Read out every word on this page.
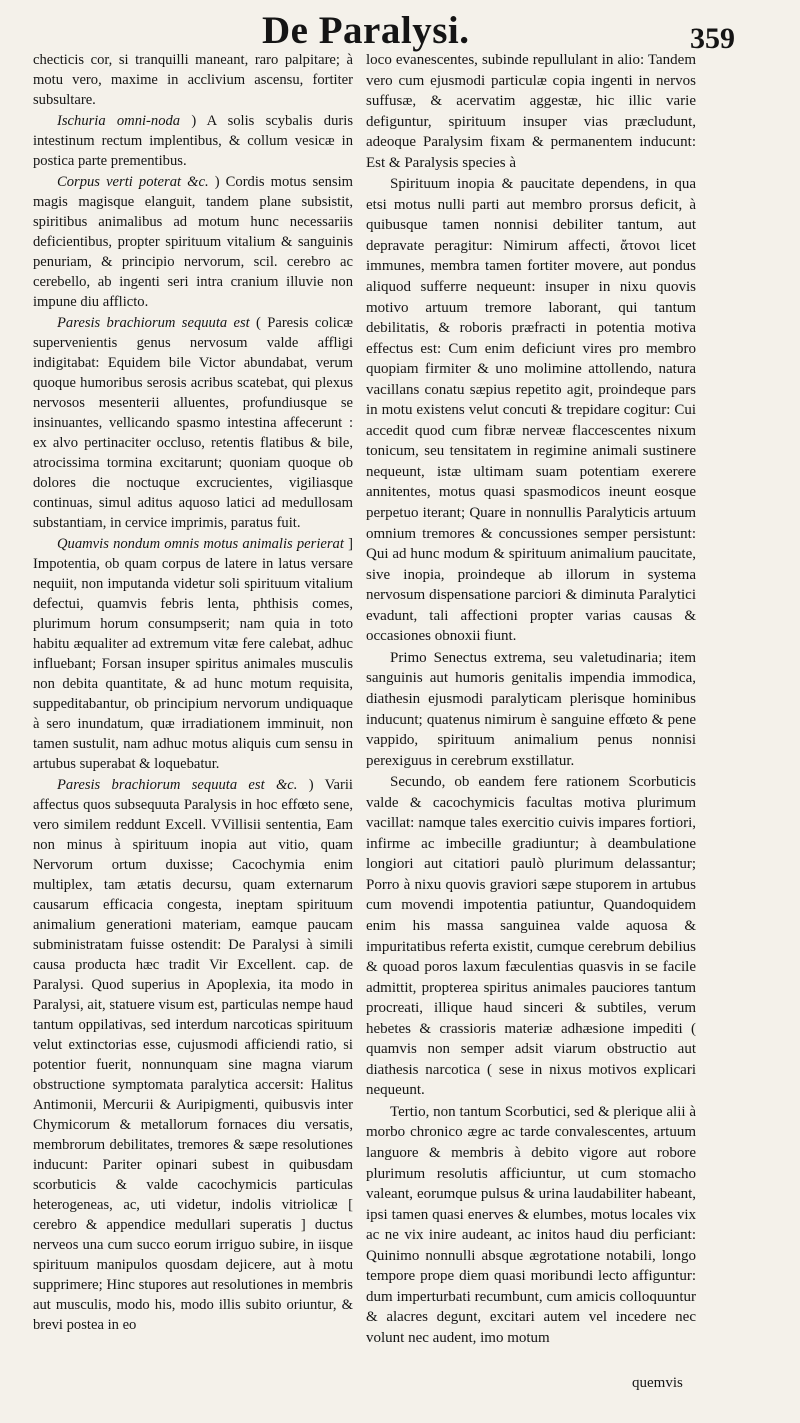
De Paralysi.	359

checticis cor, si tranquilli maneant, raro palpitare; à motu vero, maxime in acclivium ascensu, fortiter subsultare.

Ischuria omni-noda ) A solis scybalis duris intestinum rectum implentibus, & collum vesicæ in postica parte prementibus.

Corpus verti poterat &c. ) Cordis motus sensim magis magisque elanguit, tandem plane subsistit, spiritibus animalibus ad motum hunc necessariis deficientibus, propter spirituum vitalium & sanguinis penuriam, & principio nervorum, scil. cerebro ac cerebello, ab ingenti seri intra cranium illuvie non impune diu afflicto.

Paresis brachiorum sequuta est ( Paresis colicæ supervenientis genus nervosum valde affligi indigitabat: Equidem bile Victor abundabat, verum quoque humoribus serosis acribus scatebat, qui plexus nervosos mesenterii alluentes, profundiusque se insinuantes, vellicando spasmo intestina affecerunt : ex alvo pertinaciter occluso, retentis flatibus & bile, atrocissima tormina excitarunt; quoniam quoque ob dolores die noctuque excrucientes, vigiliasque continuas, simul aditus aquoso latici ad medullosam substantiam, in cervice imprimis, paratus fuit.

Quamvis nondum omnis motus animalis perierat ] Impotentia, ob quam corpus de latere in latus versare nequiit, non imputanda videtur soli spirituum vitalium defectui, quamvis febris lenta, phthisis comes, plurimum horum consumpserit; nam quia in toto habitu æqualiter ad extremum vitæ fere calebat, adhuc influebant; Forsan insuper spiritus animales musculis non debita quantitate, & ad hunc motum requisita, suppeditabantur, ob principium nervorum undiquaque à sero inundatum, quæ irradiationem imminuit, non tamen sustulit, nam adhuc motus aliquis cum sensu in artubus superabat & loquebatur.

Paresis brachiorum sequuta est &c. ) Varii affectus quos subsequuta Paralysis in hoc effœto sene, vero similem reddunt Excell. VVillisii sententia, Eam non minus à spirituum inopia aut vitio, quam Nervorum ortum duxisse; Cacochymia enim multiplex, tam ætatis decursu, quam externarum causarum efficacia congesta, ineptam spirituum animalium generationi materiam, eamque paucam subministratam fuisse ostendit: De Paralysi à simili causa producta hæc tradit Vir Excellent. cap. de Paralysi. Quod superius in Apoplexia, ita modo in Paralysi, ait, statuere visum est, particulas nempe haud tantum oppilativas, sed interdum narcoticas spirituum velut extinctorias esse, cujusmodi afficiendi ratio, si potentior fuerit, nonnunquam sine magna viarum obstructione symptomata paralytica accersit: Halitus Antimonii, Mercurii & Auripigmenti, quibusvis inter Chymicorum & metallorum fornaces diu versatis, membrorum debilitates, tremores & sæpe resolutiones inducunt: Pariter opinari subest in quibusdam scorbuticis & valde cacochymicis particulas heterogeneas, ac, uti videtur, indolis vitriolicæ [ cerebro & appendice medullari superatis ] ductus nerveos una cum succo eorum irriguo subire, in iisque spirituum manipulos quosdam dejicere, aut à motu supprimere; Hinc stupores aut resolutiones in membris aut musculis, modo his, modo illis subito oriuntur, & brevi postea in eo

loco evanescentes, subinde repullulant in alio: Tandem vero cum ejusmodi particulæ copia ingenti in nervos suffusæ, & acervatim aggestæ, hic illic varie defiguntur, spirituum insuper vias præcludunt, adeoque Paralysim fixam & permanentem inducunt: Est & Paralysis species à

Spirituum inopia & paucitate dependens, in qua etsi motus nulli parti aut membro prorsus deficit, à quibusque tamen nonnisi debiliter tantum, aut depravate peragitur: Nimirum affecti, ἄτονοι licet immunes, membra tamen fortiter movere, aut pondus aliquod sufferre nequeunt: insuper in nixu quovis motivo artuum tremore laborant, qui tantum debilitatis, & roboris præfracti in potentia motiva effectus est: Cum enim deficiunt vires pro membro quopiam firmiter & uno molimine attollendo, natura vacillans conatu sæpius repetito agit, proindeque pars in motu existens velut concuti & trepidare cogitur: Cui accedit quod cum fibræ nerveæ flaccescentes nixum tonicum, seu tensitatem in regimine animali sustinere nequeunt, istæ ultimam suam potentiam exerere annitentes, motus quasi spasmodicos ineunt eosque perpetuo iterant; Quare in nonnullis Paralyticis artuum omnium tremores & concussiones semper persistunt: Qui ad hunc modum & spirituum animalium paucitate, sive inopia, proindeque ab illorum in systema nervosum dispensatione parciori & diminuta Paralytici evadunt, tali affectioni propter varias causas & occasiones obnoxii fiunt.

Primo Senectus extrema, seu valetudinaria; item sanguinis aut humoris genitalis impendia immodica, diathesin ejusmodi paralyticam plerisque hominibus inducunt; quatenus nimirum è sanguine effœto & pene vappido, spirituum animalium penus nonnisi perexiguus in cerebrum exstillatur.

Secundo, ob eandem fere rationem Scorbuticis valde & cacochymicis facultas motiva plurimum vacillat: namque tales exercitio cuivis impares fortiori, infirme ac imbecille gradiuntur; à deambulatione longiori aut citatiori paulò plurimum delassantur; Porro à nixu quovis graviori sæpe stuporem in artubus cum movendi impotentia patiuntur, Quandoquidem enim his massa sanguinea valde aquosa & impuritatibus referta existit, cumque cerebrum debilius & quoad poros laxum fæculentias quasvis in se facile admittit, propterea spiritus animales pauciores tantum procreati, illique haud sinceri & subtiles, verum hebetes & crassioris materiæ adhæsione impediti ( quamvis non semper adsit viarum obstructio aut diathesis narcotica ( sese in nixus motivos explicari nequeunt.

Tertio, non tantum Scorbutici, sed & plerique alii à morbo chronico ægre ac tarde convalescentes, artuum languore & membris à debito vigore aut robore plurimum resolutis afficiuntur, ut cum stomacho valeant, eorumque pulsus & urina laudabiliter habeant, ipsi tamen quasi enerves & elumbes, motus locales vix ac ne vix inire audeant, ac initos haud diu perficiant: Quinimo nonnulli absque ægrotatione notabili, longo tempore prope diem quasi moribundi lecto affiguntur: dum imperturbati recumbunt, cum amicis colloquuntur & alacres degunt, excitari autem vel incedere nec volunt nec audent, imo motum

quemvis
